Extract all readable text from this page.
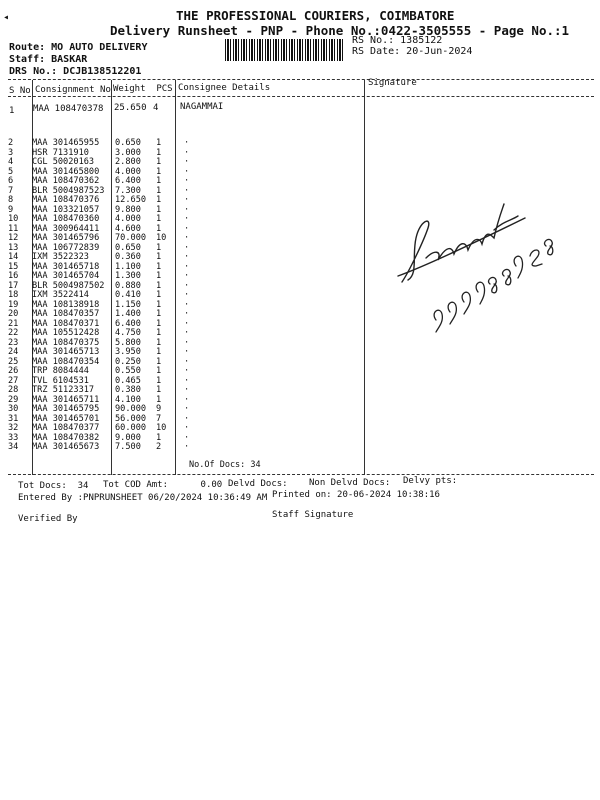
◂	THE PROFESSIONAL COURIERS, COIMBATORE
Delivery Runsheet - PNP - Phone No.:0422-3505555 - Page No.:1
Route: MO AUTO DELIVERY
Staff: BASKAR
DRS No.: DCJB138512201
RS No.: 1385122
RS Date: 20-Jun-2024
S No Consignment No Weight  PCS Consignee Details	Signature
1 MAA 108470378 25.650 4 NAGAMMAI
2 MAA 301465955 0.650 1	·
3 HSR 7131910	3.000 1	·
4 CGL 50020163 2.800 1	·
5 MAA 301465800 4.000 1	·
6 MAA 108470362 6.400 1	·
7 BLR 5004987523 7.300 1	·
8 MAA 108470376 12.650 1	·
9 MAA 103321057 9.800 1	·
10 MAA 108470360 4.000 1	·
11 MAA 300964411 4.600 1	·
12 MAA 301465796 70.000 10 ·
13 MAA 106772839 0.650 1	·
14 IXM 3522323	0.360 1	·
15 MAA 301465718 1.100 1	·
16 MAA 301465704 1.300 1	·
17 BLR 5004987502 0.880 1	·
18 IXM 3522414	0.410 1	·
19 MAA 108138918 1.150 1	·
20 MAA 108470357 1.400 1	·
21 MAA 108470371 6.400 1	·
22 MAA 105512428 4.750 1	·
23 MAA 108470375 5.800 1	·
24 MAA 301465713 3.950 1	·
25 MAA 108470354 0.250 1	·
26 TRP 8084444	0.550 1	·
27 TVL 6104531	0.465 1	·
28 TRZ 51123317 0.380 1	·
29 MAA 301465711 4.100 1	·
30 MAA 301465795 90.000 9	·
31 MAA 301465701 56.000 7	·
32 MAA 108470377 60.000 10 ·
33 MAA 108470382 9.000 1	·
34 MAA 301465673 7.500 2	·
No.Of Docs: 34
Tot Docs:  34 Tot COD Amt:      0.00 Delvd Docs: Non Delvd Docs: Delvy pts:
Entered By :PNPRUNSHEET 06/20/2024 10:36:49 AM Printed on: 20-06-2024 10:38:16
Verified By	Staff Signature
